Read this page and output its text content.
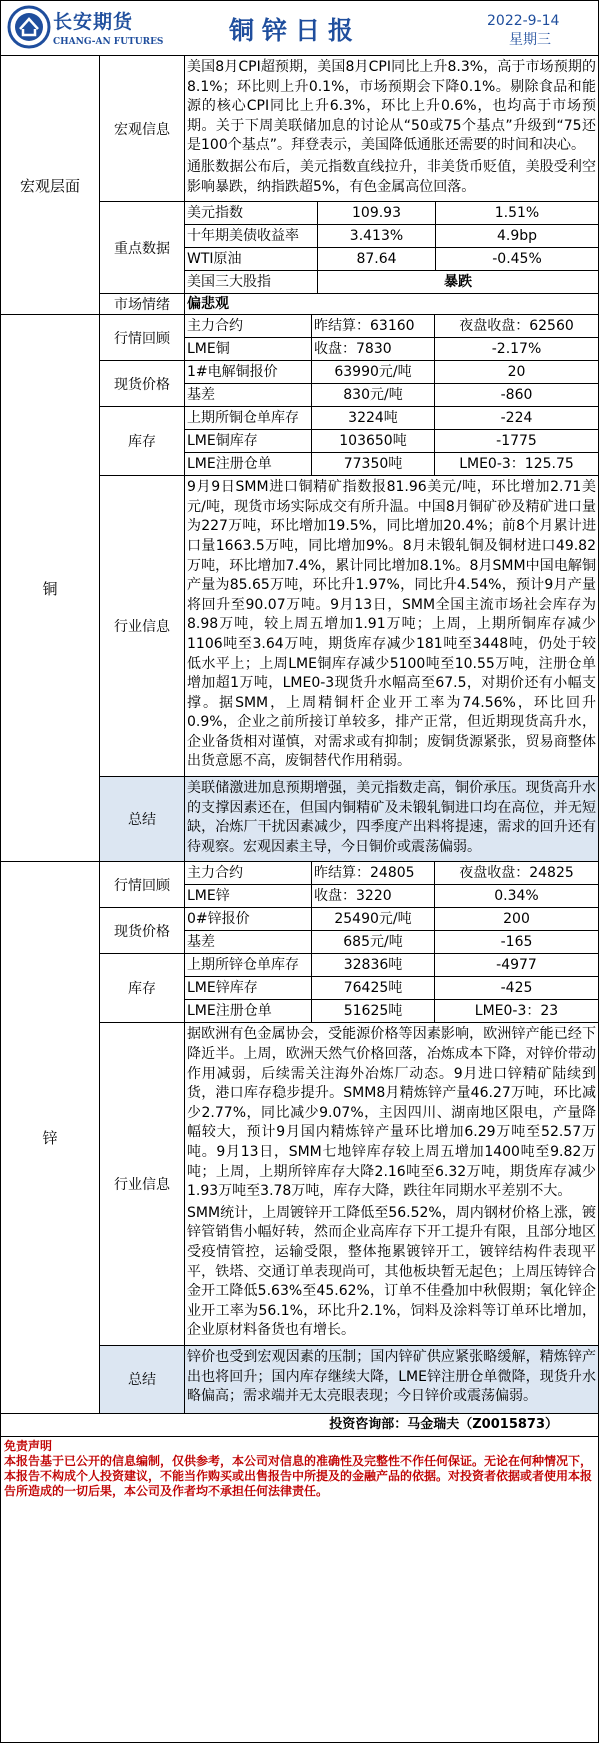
长安期货
CHANG-AN FUTURES	铜锌日报	2022-9-14
星期三
宏观层面
宏观信息
美国8月CPI超预期，美国8月CPI同比上升8.3%，高于市场预期的8.1%；环比则上升0.1%，市场预期会下降0.1%。剔除食品和能源的核心CPI同比上升6.3%，环比上升0.6%，也均高于市场预期。关于下周美联储加息的讨论从“50或75个基点”升级到“75还是100个基点”。拜登表示，美国降低通胀还需要的时间和决心。
通胀数据公布后，美元指数直线拉升，非美货币贬值，美股受利空影响暴跌，纳指跌超5%，有色金属高位回落。
重点数据
美元指数	109.93	1.51%
十年期美债收益率	3.413%	4.9bp
WTI原油	87.64	-0.45%
美国三大股指	暴跌
市场情绪	偏悲观
铜
行情回顾
主力合约	昨结算：63160	夜盘收盘：62560
LME铜	收盘：7830	-2.17%
现货价格
1#电解铜报价	63990元/吨	20
基差	830元/吨	-860
库存
上期所铜仓单库存	3224吨	-224
LME铜库存	103650吨	-1775
LME注册仓单	77350吨	LME0-3：125.75
行业信息
9月9日SMM进口铜精矿指数报81.96美元/吨，环比增加2.71美元/吨，现货市场实际成交有所升温。中国8月铜矿砂及精矿进口量为227万吨，环比增加19.5%，同比增加20.4%；前8个月累计进口量1663.5万吨，同比增加9%。8月未锻轧铜及铜材进口49.82万吨，环比增加7.4%，累计同比增加8.1%。8月SMM中国电解铜产量为85.65万吨，环比升1.97%，同比升4.54%，预计9月产量将回升至90.07万吨。9月13日，SMM全国主流市场社会库存为8.98万吨，较上周五增加1.91万吨；上周，上期所铜库存减少1106吨至3.64万吨，期货库存减少181吨至3448吨，仍处于较低水平上；上周LME铜库存减少5100吨至10.55万吨，注册仓单增加超1万吨，LME0-3现货升水幅高至67.5，对期价还有小幅支撑。据SMM，上周精铜杆企业开工率为74.56%，环比回升0.9%，企业之前所接订单较多，排产正常，但近期现货高升水，企业备货相对谨慎，对需求或有抑制；废铜货源紧张，贸易商整体出货意愿不高，废铜替代作用稍弱。
总结
美联储激进加息预期增强，美元指数走高，铜价承压。现货高升水的支撑因素还在，但国内铜精矿及未锻轧铜进口均在高位，并无短缺，冶炼厂干扰因素减少，四季度产出料将提速，需求的回升还有待观察。宏观因素主导，今日铜价或震荡偏弱。
锌
行情回顾
主力合约	昨结算：24805	夜盘收盘：24825
LME锌	收盘：3220	0.34%
现货价格
0#锌报价	25490元/吨	200
基差	685元/吨	-165
库存
上期所锌仓单库存	32836吨	-4977
LME锌库存	76425吨	-425
LME注册仓单	51625吨	LME0-3：23
行业信息
据欧洲有色金属协会，受能源价格等因素影响，欧洲锌产能已经下降近半。上周，欧洲天然气价格回落，冶炼成本下降，对锌价带动作用减弱，后续需关注海外冶炼厂动态。9月进口锌精矿陆续到货，港口库存稳步提升。SMM8月精炼锌产量46.27万吨，环比减少2.77%，同比减少9.07%，主因四川、湖南地区限电，产量降幅较大，预计9月国内精炼锌产量环比增加6.29万吨至52.57万吨。9月13日，SMM七地锌库存较上周五增加1400吨至9.82万吨；上周，上期所锌库存大降2.16吨至6.32万吨，期货库存减少1.93万吨至3.78万吨，库存大降，跌往年同期水平差别不大。
SMM统计，上周镀锌开工降低至56.52%，周内钢材价格上涨，镀锌管销售小幅好转，然而企业高库存下开工提升有限，且部分地区受疫情管控，运输受限，整体拖累镀锌开工，镀锌结构件表现平平，铁塔、交通订单表现尚可，其他板块暂无起色；上周压铸锌合金开工降低5.63%至45.62%，订单不佳叠加中秋假期；氧化锌企业开工率为56.1%，环比升2.1%，饲料及涂料等订单环比增加，企业原材料备货也有增长。
总结
锌价也受到宏观因素的压制；国内锌矿供应紧张略缓解，精炼锌产出也将回升；国内库存继续大降，LME锌注册仓单微降，现货升水略偏高；需求端并无太亮眼表现；今日锌价或震荡偏弱。
投资咨询部：马金瑞夫（Z0015873）
免责声明
本报告基于已公开的信息编制，仅供参考，本公司对信息的准确性及完整性不作任何保证。无论在何种情况下，本报告不构成个人投资建议，不能当作购买或出售报告中所提及的金融产品的依据。对投资者依据或者使用本报告所造成的一切后果，本公司及作者均不承担任何法律责任。
